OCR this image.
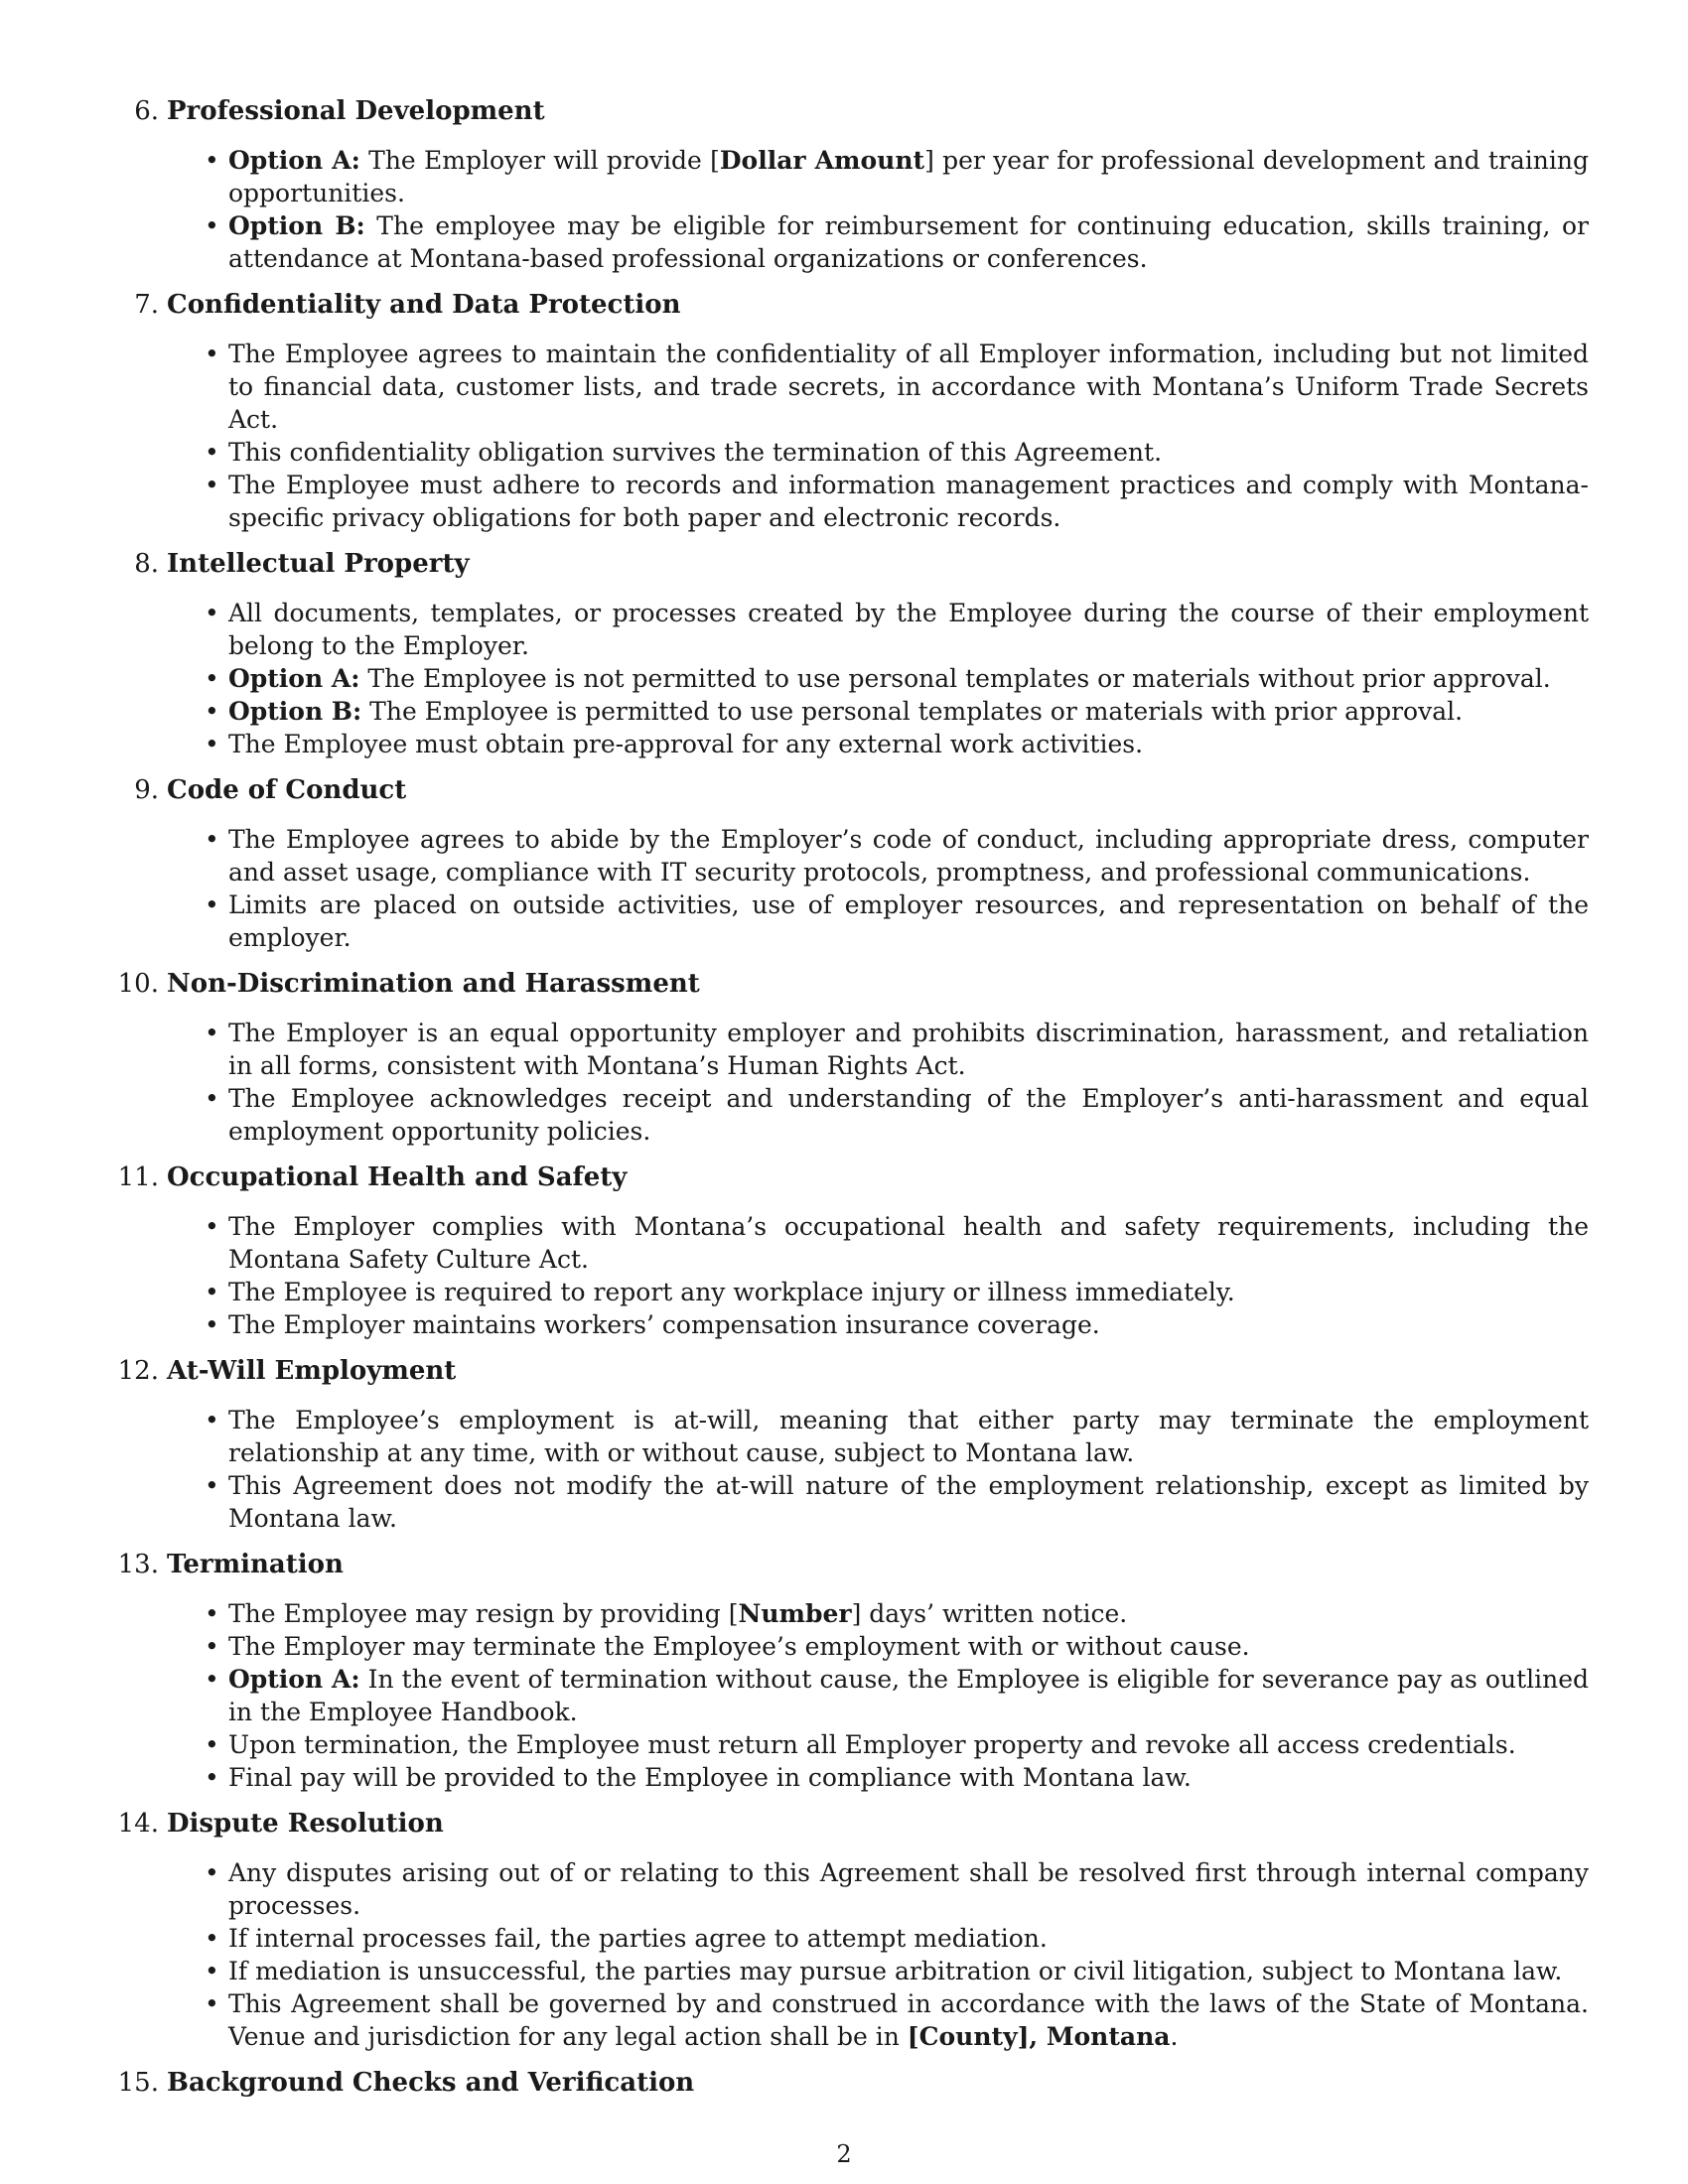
6. Professional Development
• Option A: The Employer will provide [Dollar Amount] per year for professional development and training opportunities.
• Option B: The employee may be eligible for reimbursement for continuing education, skills training, or attendance at Montana-based professional organizations or conferences.
7. Confidentiality and Data Protection
• The Employee agrees to maintain the confidentiality of all Employer information, including but not limited to financial data, customer lists, and trade secrets, in accordance with Montana’s Uniform Trade Secrets Act.
• This confidentiality obligation survives the termination of this Agreement.
• The Employee must adhere to records and information management practices and comply with Montana-specific privacy obligations for both paper and electronic records.
8. Intellectual Property
• All documents, templates, or processes created by the Employee during the course of their employment belong to the Employer.
• Option A: The Employee is not permitted to use personal templates or materials without prior approval.
• Option B: The Employee is permitted to use personal templates or materials with prior approval.
• The Employee must obtain pre-approval for any external work activities.
9. Code of Conduct
• The Employee agrees to abide by the Employer’s code of conduct, including appropriate dress, computer and asset usage, compliance with IT security protocols, promptness, and professional communications.
• Limits are placed on outside activities, use of employer resources, and representation on behalf of the employer.
10. Non-Discrimination and Harassment
• The Employer is an equal opportunity employer and prohibits discrimination, harassment, and retaliation in all forms, consistent with Montana’s Human Rights Act.
• The Employee acknowledges receipt and understanding of the Employer’s anti-harassment and equal employment opportunity policies.
11. Occupational Health and Safety
• The Employer complies with Montana’s occupational health and safety requirements, including the Montana Safety Culture Act.
• The Employee is required to report any workplace injury or illness immediately.
• The Employer maintains workers’ compensation insurance coverage.
12. At-Will Employment
• The Employee’s employment is at-will, meaning that either party may terminate the employment relationship at any time, with or without cause, subject to Montana law.
• This Agreement does not modify the at-will nature of the employment relationship, except as limited by Montana law.
13. Termination
• The Employee may resign by providing [Number] days’ written notice.
• The Employer may terminate the Employee’s employment with or without cause.
• Option A: In the event of termination without cause, the Employee is eligible for severance pay as outlined in the Employee Handbook.
• Upon termination, the Employee must return all Employer property and revoke all access credentials.
• Final pay will be provided to the Employee in compliance with Montana law.
14. Dispute Resolution
• Any disputes arising out of or relating to this Agreement shall be resolved first through internal company processes.
• If internal processes fail, the parties agree to attempt mediation.
• If mediation is unsuccessful, the parties may pursue arbitration or civil litigation, subject to Montana law.
• This Agreement shall be governed by and construed in accordance with the laws of the State of Montana. Venue and jurisdiction for any legal action shall be in [County], Montana.
15. Background Checks and Verification
2
